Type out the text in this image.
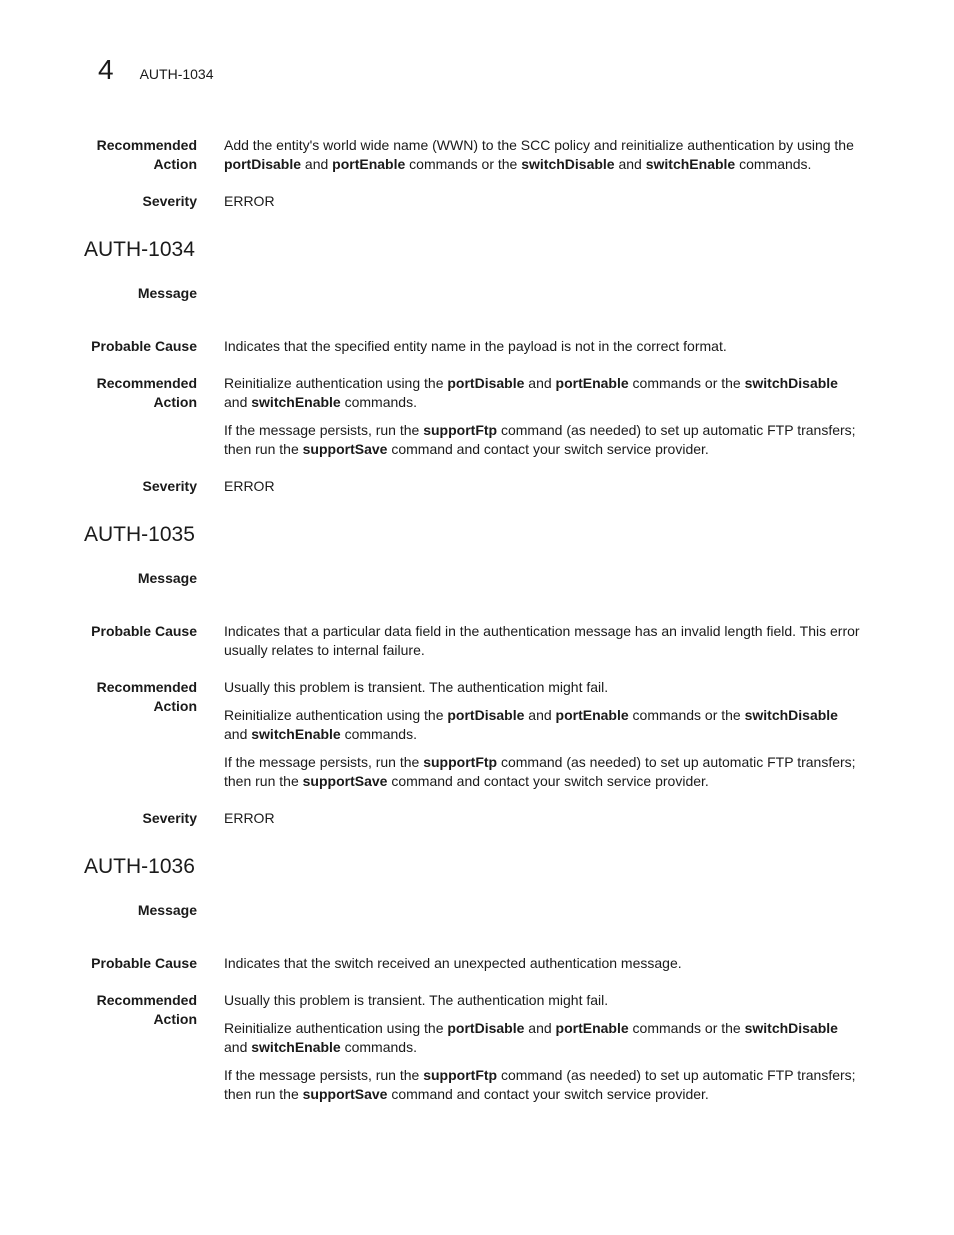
4 AUTH-1034
Recommended
Action

Add the entity's world wide name (WWN) to the SCC policy and reinitialize authentication by using the portDisable and portEnable commands or the switchDisable and switchEnable commands.

Severity ERROR
AUTH-1034
Message
Probable Cause Indicates that the specified entity name in the payload is not in the correct format.
Recommended
Action

Reinitialize authentication using the portDisable and portEnable commands or the switchDisable
and switchEnable commands.

If the message persists, run the supportFtp command (as needed) to set up automatic FTP transfers; then run the supportSave command and contact your switch service provider.

Severity ERROR
AUTH-1035
Message
Probable Cause Indicates that a particular data field in the authentication message has an invalid length field. This error usually relates to internal failure.
Recommended
Action

Usually this problem is transient. The authentication might fail.

Reinitialize authentication using the portDisable and portEnable commands or the switchDisable
and switchEnable commands.

If the message persists, run the supportFtp command (as needed) to set up automatic FTP transfers; then run the supportSave command and contact your switch service provider.

Severity ERROR
AUTH-1036
Message
Probable Cause Indicates that the switch received an unexpected authentication message.
Recommended
Action

Usually this problem is transient. The authentication might fail.

Reinitialize authentication using the portDisable and portEnable commands or the switchDisable
and switchEnable commands.

If the message persists, run the supportFtp command (as needed) to set up automatic FTP transfers; then run the supportSave command and contact your switch service provider.
